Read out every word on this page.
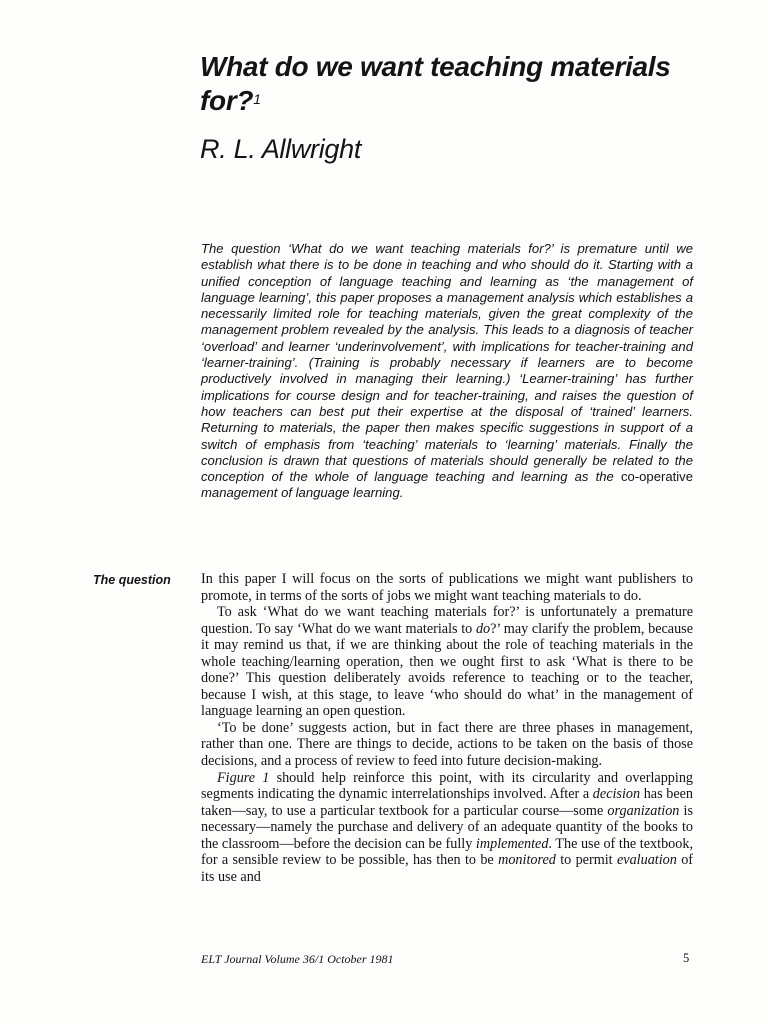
What do we want teaching materials for?$^1$

R. L. Allwright

The question ‘What do we want teaching materials for?’ is premature until we establish what there is to be done in teaching and who should do it. Starting with a unified conception of language teaching and learning as ‘the management of language learning’, this paper proposes a management analysis which establishes a necessarily limited role for teaching materials, given the great complexity of the management problem revealed by the analysis. This leads to a diagnosis of teacher ‘overload’ and learner ‘underinvolvement’, with implications for teacher-training and ‘learner-training’. (Training is probably necessary if learners are to become productively involved in managing their learning.) ‘Learner-training’ has further implications for course design and for teacher-training, and raises the question of how teachers can best put their expertise at the disposal of ‘trained’ learners. Returning to materials, the paper then makes specific suggestions in support of a switch of emphasis from ‘teaching’ materials to ‘learning’ materials. Finally the conclusion is drawn that questions of materials should generally be related to the conception of the whole of language teaching and learning as the co-operative management of language learning.

The question In this paper I will focus on the sorts of publications we might want publishers to promote, in terms of the sorts of jobs we might want teaching materials to do.

To ask ‘What do we want teaching materials for?’ is unfortunately a premature question. To say ‘What do we want materials to do?’ may clarify the problem, because it may remind us that, if we are thinking about the role of teaching materials in the whole teaching/learning operation, then we ought first to ask ‘What is there to be done?’ This question deliberately avoids reference to teaching or to the teacher, because I wish, at this stage, to leave ‘who should do what’ in the management of language learning an open question.

‘To be done’ suggests action, but in fact there are three phases in management, rather than one. There are things to decide, actions to be taken on the basis of those decisions, and a process of review to feed into future decision-making.

Figure 1 should help reinforce this point, with its circularity and overlapping segments indicating the dynamic interrelationships involved. After a decision has been taken—say, to use a particular textbook for a particular course—some organization is necessary—namely the purchase and delivery of an adequate quantity of the books to the classroom—before the decision can be fully implemented. The use of the textbook, for a sensible review to be possible, has then to be monitored to permit evaluation of its use and

ELT Journal Volume 36/1 October 1981	5
